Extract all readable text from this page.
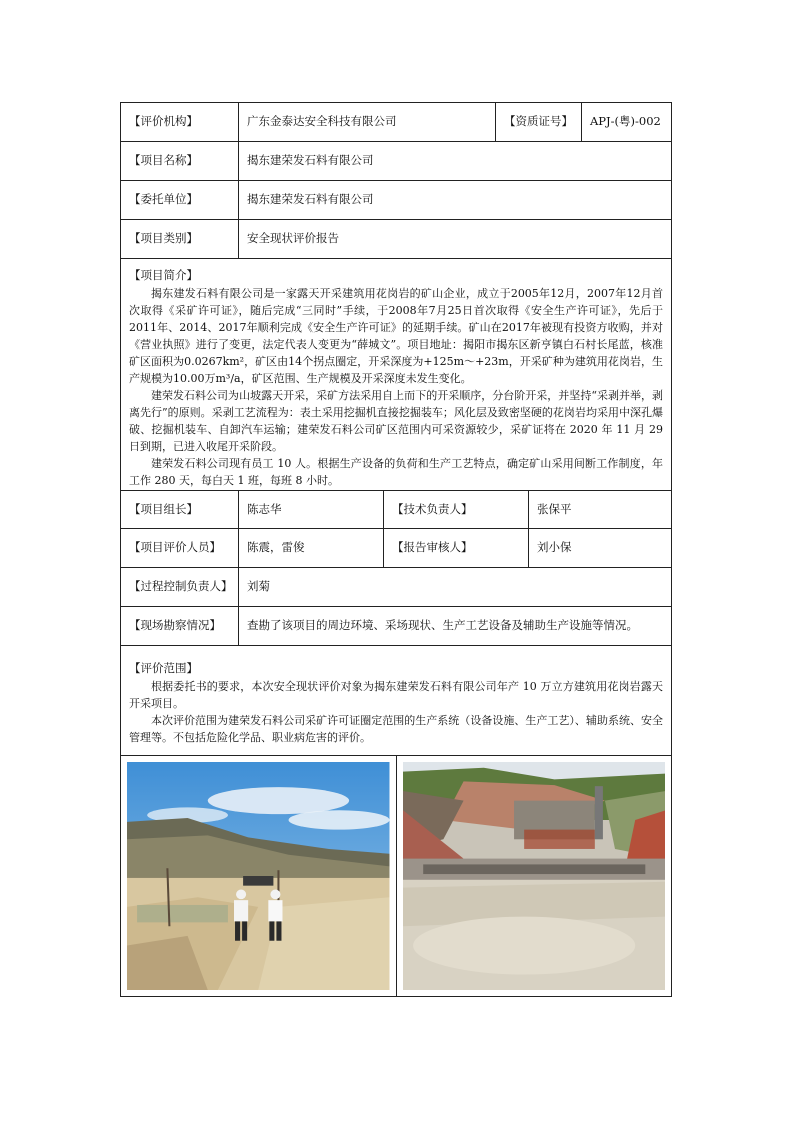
【评价机构】	广东金泰达安全科技有限公司	【资质证号】	APJ-(粤)-002
【项目名称】	揭东建荣发石料有限公司
【委托单位】	揭东建荣发石料有限公司
【项目类别】	安全现状评价报告
【项目简介】

揭东建发石料有限公司是一家露天开采建筑用花岗岩的矿山企业，成立于2005年12月，2007年12月首次取得《采矿许可证》，随后完成“三同时”手续，于2008年7月25日首次取得《安全生产许可证》，先后于2011年、2014、2017年顺利完成《安全生产许可证》的延期手续。矿山在2017年被现有投资方收购，并对《营业执照》进行了变更，法定代表人变更为“薛城文”。项目地址：揭阳市揭东区新亨镇白石村长尾蓝，核准矿区面积为0.0267km²，矿区由14个拐点圈定，开采深度为+125m～+23m，开采矿种为建筑用花岗岩，生产规模为10.00万m³/a，矿区范围、生产规模及开采深度未发生变化。

建荣发石料公司为山坡露天开采，采矿方法采用自上而下的开采顺序，分台阶开采，并坚持“采剥并举，剥离先行”的原则。采剥工艺流程为：表土采用挖掘机直接挖掘装车；风化层及致密坚硬的花岗岩均采用中深孔爆破、挖掘机装车、自卸汽车运输；建荣发石料公司矿区范围内可采资源较少，采矿证将在 2020 年 11 月 29 日到期，已进入收尾开采阶段。

建荣发石料公司现有员工 10 人。根据生产设备的负荷和生产工艺特点，确定矿山采用间断工作制度，年工作 280 天，每白天 1 班，每班 8 小时。

【项目组长】	陈志华	【技术负责人】	张保平
【项目评价人员】	陈震，雷俊	【报告审核人】	刘小保
【过程控制负责人】	刘菊
【现场勘察情况】	查勘了该项目的周边环境、采场现状、生产工艺设备及辅助生产设施等情况。
【评价范围】

根据委托书的要求，本次安全现状评价对象为揭东建荣发石料有限公司年产 10 万立方建筑用花岗岩露天开采项目。

本次评价范围为建荣发石料公司采矿许可证圈定范围的生产系统（设备设施、生产工艺）、辅助系统、安全管理等。不包括危险化学品、职业病危害的评价。
